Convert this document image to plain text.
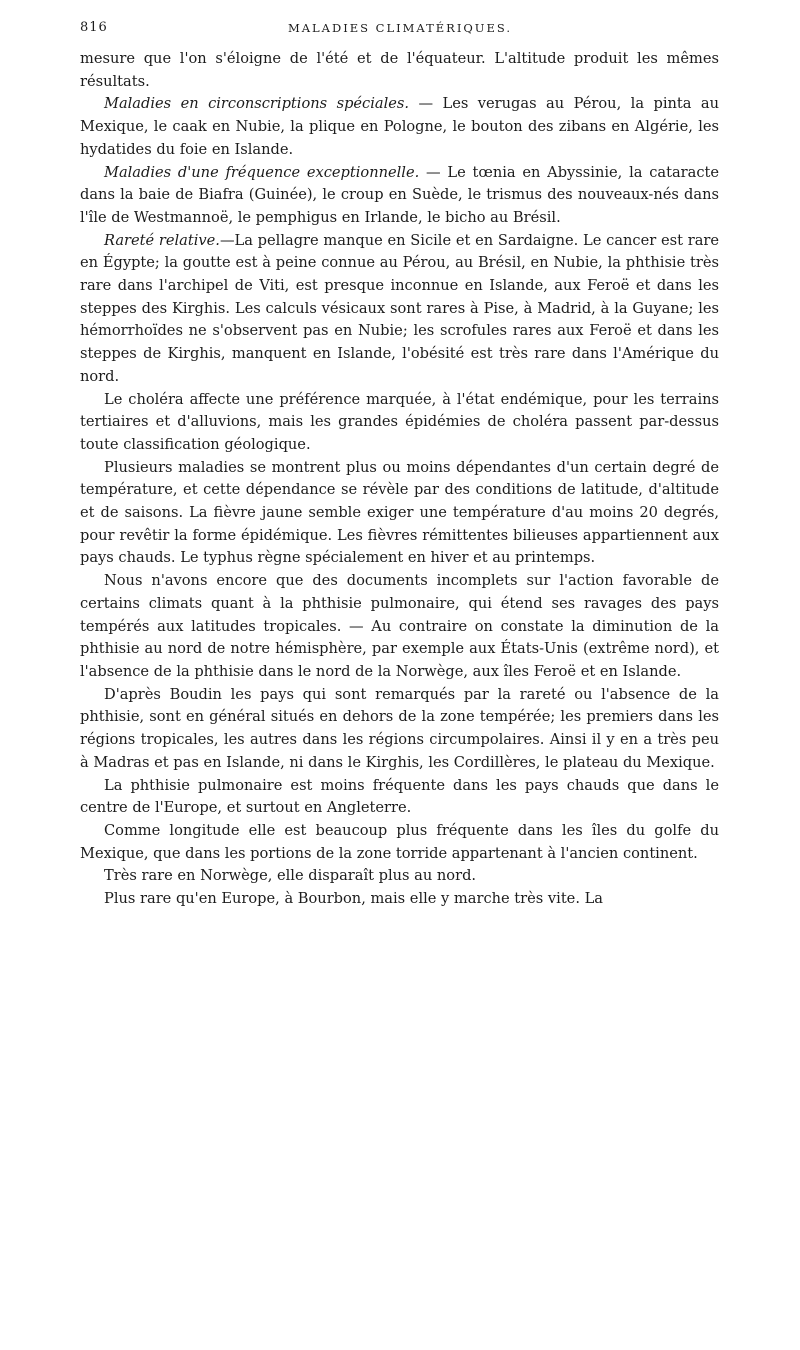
816	MALADIES CLIMATÉRIQUES.

mesure que l'on s'éloigne de l'été et de l'équateur. L'altitude produit les mêmes résultats.

Maladies en circonscriptions spéciales. — Les verugas au Pérou, la pinta au Mexique, le caak en Nubie, la plique en Pologne, le bouton des zibans en Algérie, les hydatides du foie en Islande.

Maladies d'une fréquence exceptionnelle. — Le tœnia en Abyssinie, la cataracte dans la baie de Biafra (Guinée), le croup en Suède, le trismus des nouveaux-nés dans l'île de Westmannoë, le pemphigus en Irlande, le bicho au Brésil.

Rareté relative.—La pellagre manque en Sicile et en Sardaigne. Le cancer est rare en Égypte; la goutte est à peine connue au Pérou, au Brésil, en Nubie, la phthisie très rare dans l'archipel de Viti, est presque inconnue en Islande, aux Feroë et dans les steppes des Kirghis. Les calculs vésicaux sont rares à Pise, à Madrid, à la Guyane; les hémorrhoïdes ne s'observent pas en Nubie; les scrofules rares aux Feroë et dans les steppes de Kirghis, manquent en Islande, l'obésité est très rare dans l'Amérique du nord.

Le choléra affecte une préférence marquée, à l'état endémique, pour les terrains tertiaires et d'alluvions, mais les grandes épidémies de choléra passent par-dessus toute classification géologique.

Plusieurs maladies se montrent plus ou moins dépendantes d'un certain degré de température, et cette dépendance se révèle par des conditions de latitude, d'altitude et de saisons. La fièvre jaune semble exiger une température d'au moins 20 degrés, pour revêtir la forme épidémique. Les fièvres rémittentes bilieuses appartiennent aux pays chauds. Le typhus règne spécialement en hiver et au printemps.

Nous n'avons encore que des documents incomplets sur l'action favorable de certains climats quant à la phthisie pulmonaire, qui étend ses ravages des pays tempérés aux latitudes tropicales. — Au contraire on constate la diminution de la phthisie au nord de notre hémisphère, par exemple aux États-Unis (extrême nord), et l'absence de la phthisie dans le nord de la Norwège, aux îles Feroë et en Islande.

D'après Boudin les pays qui sont remarqués par la rareté ou l'absence de la phthisie, sont en général situés en dehors de la zone tempérée; les premiers dans les régions tropicales, les autres dans les régions circumpolaires. Ainsi il y en a très peu à Madras et pas en Islande, ni dans le Kirghis, les Cordillères, le plateau du Mexique.

La phthisie pulmonaire est moins fréquente dans les pays chauds que dans le centre de l'Europe, et surtout en Angleterre.

Comme longitude elle est beaucoup plus fréquente dans les îles du golfe du Mexique, que dans les portions de la zone torride appartenant à l'ancien continent.

Très rare en Norwège, elle disparaît plus au nord.

Plus rare qu'en Europe, à Bourbon, mais elle y marche très vite. La
